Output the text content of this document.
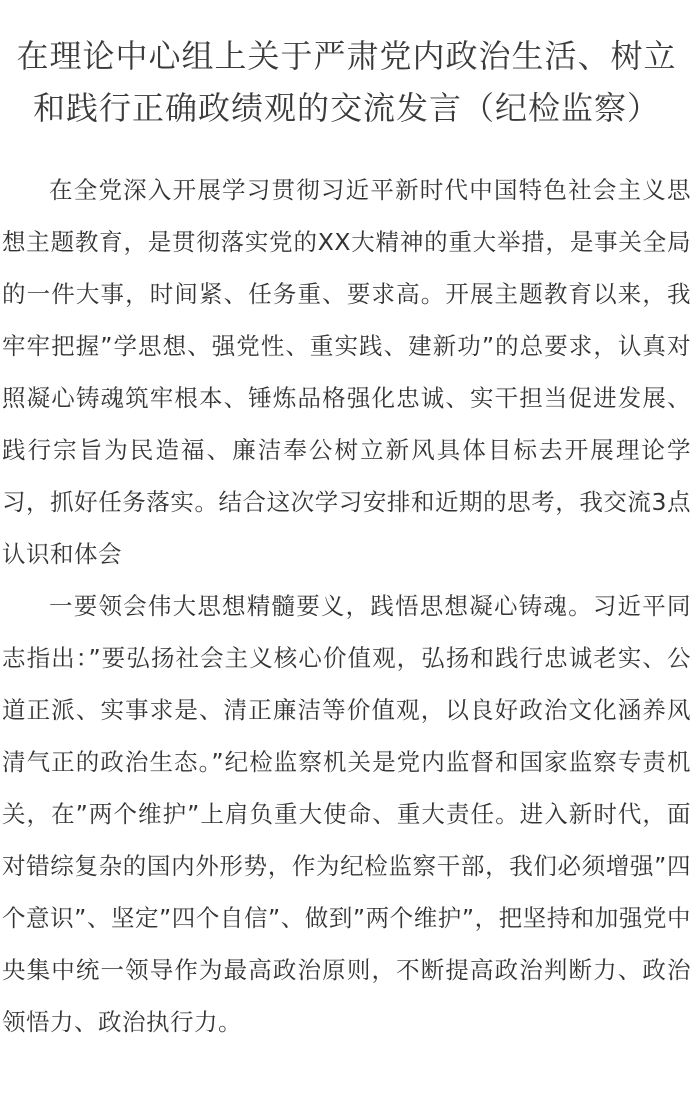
在理论中心组上关于严肃党内政治生活、树立和践行正确政绩观的交流发言（纪检监察）

在全党深入开展学习贯彻习近平新时代中国特色社会主义思想主题教育，是贯彻落实党的XX大精神的重大举措，是事关全局的一件大事，时间紧、任务重、要求高。开展主题教育以来，我牢牢把握”学思想、强党性、重实践、建新功”的总要求，认真对照凝心铸魂筑牢根本、锤炼品格强化忠诚、实干担当促进发展、践行宗旨为民造福、廉洁奉公树立新风具体目标去开展理论学习，抓好任务落实。结合这次学习安排和近期的思考，我交流3点认识和体会

一要领会伟大思想精髓要义，践悟思想凝心铸魂。习近平同志指出：”要弘扬社会主义核心价值观，弘扬和践行忠诚老实、公道正派、实事求是、清正廉洁等价值观，以良好政治文化涵养风清气正的政治生态。”纪检监察机关是党内监督和国家监察专责机关，在”两个维护”上肩负重大使命、重大责任。进入新时代，面对错综复杂的国内外形势，作为纪检监察干部，我们必须增强”四个意识”、坚定”四个自信”、做到”两个维护”，把坚持和加强党中央集中统一领导作为最高政治原则，不断提高政治判断力、政治领悟力、政治执行力。
